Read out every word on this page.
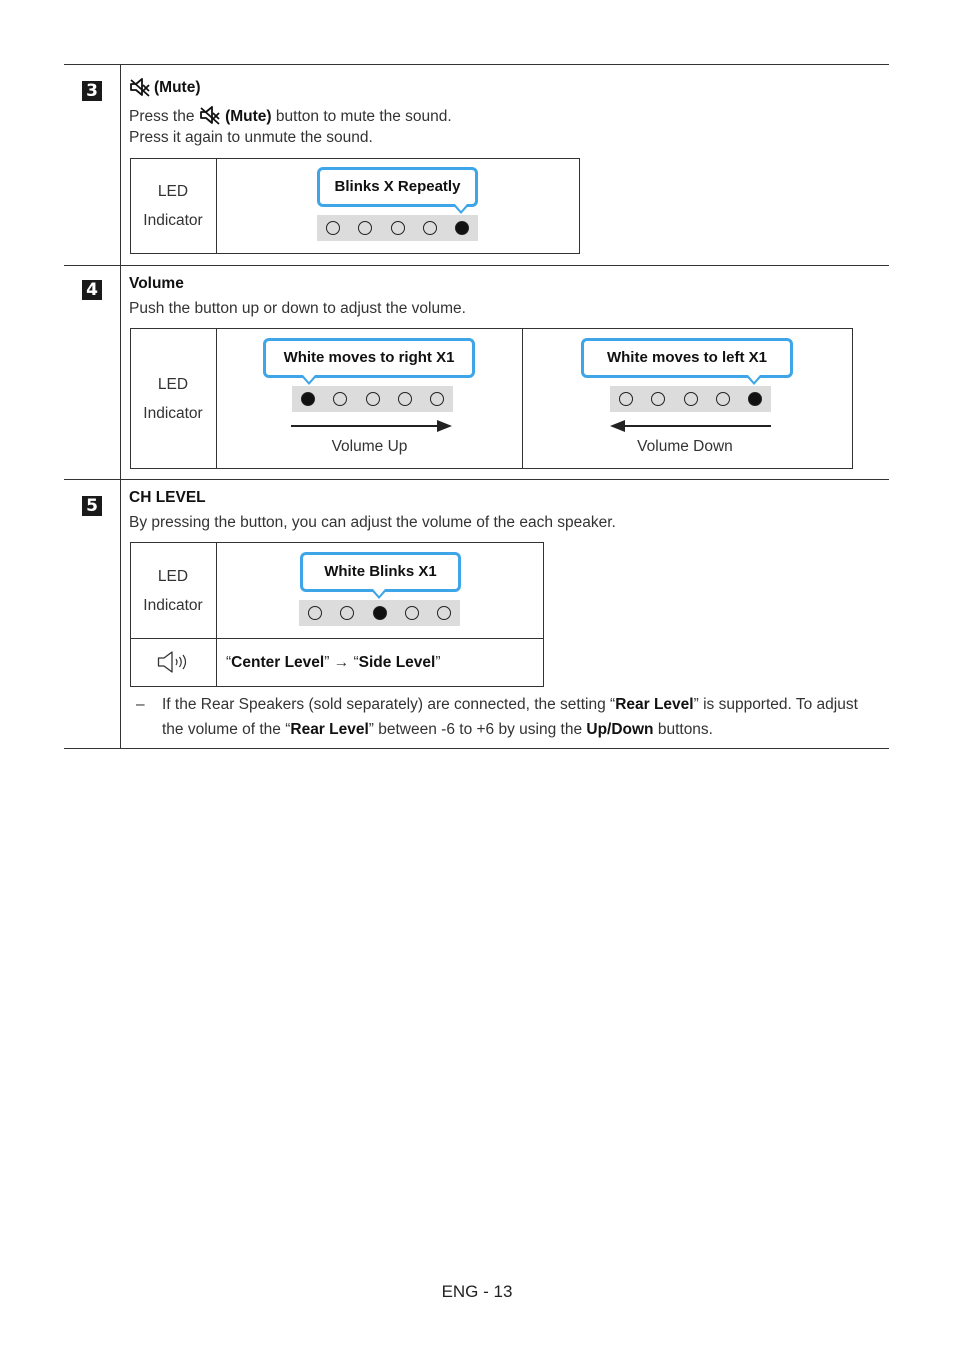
3	(Mute)
Press the (Mute) button to mute the sound.
Press it again to unmute the sound.
LED
Indicator
Blinks X Repeatly
4 Volume
Push the button up or down to adjust the volume.
LED
Indicator
White moves to right X1
Volume Up
White moves to left X1
Volume Down
5 CH LEVEL
By pressing the button, you can adjust the volume of the each speaker.
LED
Indicator
White Blinks X1
“Center Level” → “Side Level”
– If the Rear Speakers (sold separately) are connected, the setting “Rear Level” is supported. To adjust
the volume of the “Rear Level” between -6 to +6 by using the Up/Down buttons.
ENG - 13
